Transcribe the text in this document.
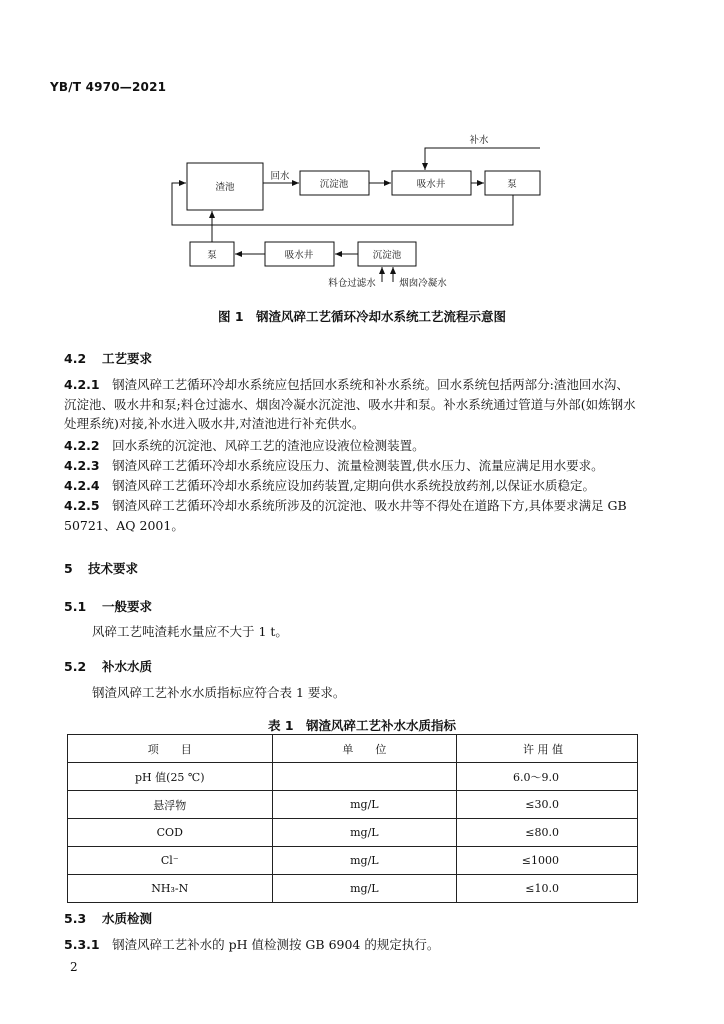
YB/T 4970—2021
渣池	沉淀池	吸水井	泵
泵	吸水井	沉淀池
回水
补水
料仓过滤水 烟囱冷凝水
图 1　钢渣风碎工艺循环冷却水系统工艺流程示意图
4.2 工艺要求
4.2.1　 钢渣风碎工艺循环冷却水系统应包括回水系统和补水系统。回水系统包括两部分:渣池回水沟、沉淀池、吸水井和泵;料仓过滤水、烟囱冷凝水沉淀池、吸水井和泵。补水系统通过管道与外部(如炼钢水处理系统)对接,补水进入吸水井,对渣池进行补充供水。
4.2.2　 回水系统的沉淀池、风碎工艺的渣池应设液位检测装置。
4.2.3　 钢渣风碎工艺循环冷却水系统应设压力、流量检测装置,供水压力、流量应满足用水要求。
4.2.4　 钢渣风碎工艺循环冷却水系统应设加药装置,定期向供水系统投放药剂,以保证水质稳定。
4.2.5　 钢渣风碎工艺循环冷却水系统所涉及的沉淀池、吸水井等不得处在道路下方,具体要求满足 GB 50721、AQ 2001。
5 技术要求
5.1 一般要求
风碎工艺吨渣耗水量应不大于 1 t。
5.2 补水水质
钢渣风碎工艺补水水质指标应符合表 1 要求。
表 1　钢渣风碎工艺补水水质指标
项　　目	单　　位	许 用 值
pH 值(25 ℃)		6.0～9.0
悬浮物	mg/L	≤30.0
COD	mg/L	≤80.0
Cl⁻	mg/L	≤1000
NH₃-N	mg/L	≤10.0
5.3 水质检测
5.3.1　 钢渣风碎工艺补水的 pH 值检测按 GB 6904 的规定执行。
2
